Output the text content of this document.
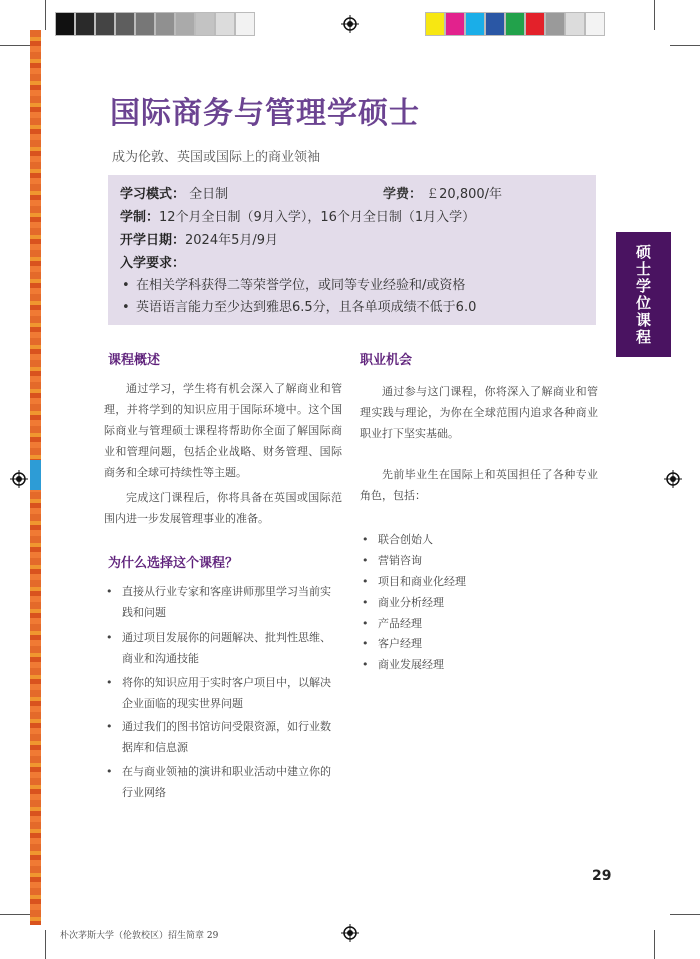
国际商务与管理学硕士
成为伦敦、英国或国际上的商业领袖
学习模式： 全日制	学费： ￡20,800/年
学制：12个月全日制（9月入学），16个月全日制（1月入学）
开学日期：2024年5月/9月
入学要求：
• 在相关学科获得二等荣誉学位，或同等专业经验和/或资格
• 英语语言能力至少达到雅思6.5分，且各单项成绩不低于6.0	硕士学位课程
课程概述
通过学习，学生将有机会深入了解商业和管理，并将学到的知识应用于国际环境中。这个国际商业与管理硕士课程将帮助你全面了解国际商业和管理问题，包括企业战略、财务管理、国际商务和全球可持续性等主题。
完成这门课程后，你将具备在英国或国际范围内进一步发展管理事业的准备。
为什么选择这个课程？
• 直接从行业专家和客座讲师那里学习当前实践和问题
• 通过项目发展你的问题解决、批判性思维、商业和沟通技能
• 将你的知识应用于实时客户项目中，以解决企业面临的现实世界问题
• 通过我们的图书馆访问受限资源，如行业数据库和信息源
• 在与商业领袖的演讲和职业活动中建立你的行业网络
职业机会
通过参与这门课程，你将深入了解商业和管理实践与理论，为你在全球范围内追求各种商业职业打下坚实基础。
先前毕业生在国际上和英国担任了各种专业角色，包括：
• 联合创始人
• 营销咨询
• 项目和商业化经理
• 商业分析经理
• 产品经理
• 客户经理
• 商业发展经理
29
朴次茅斯大学（伦敦校区）招生简章 29
